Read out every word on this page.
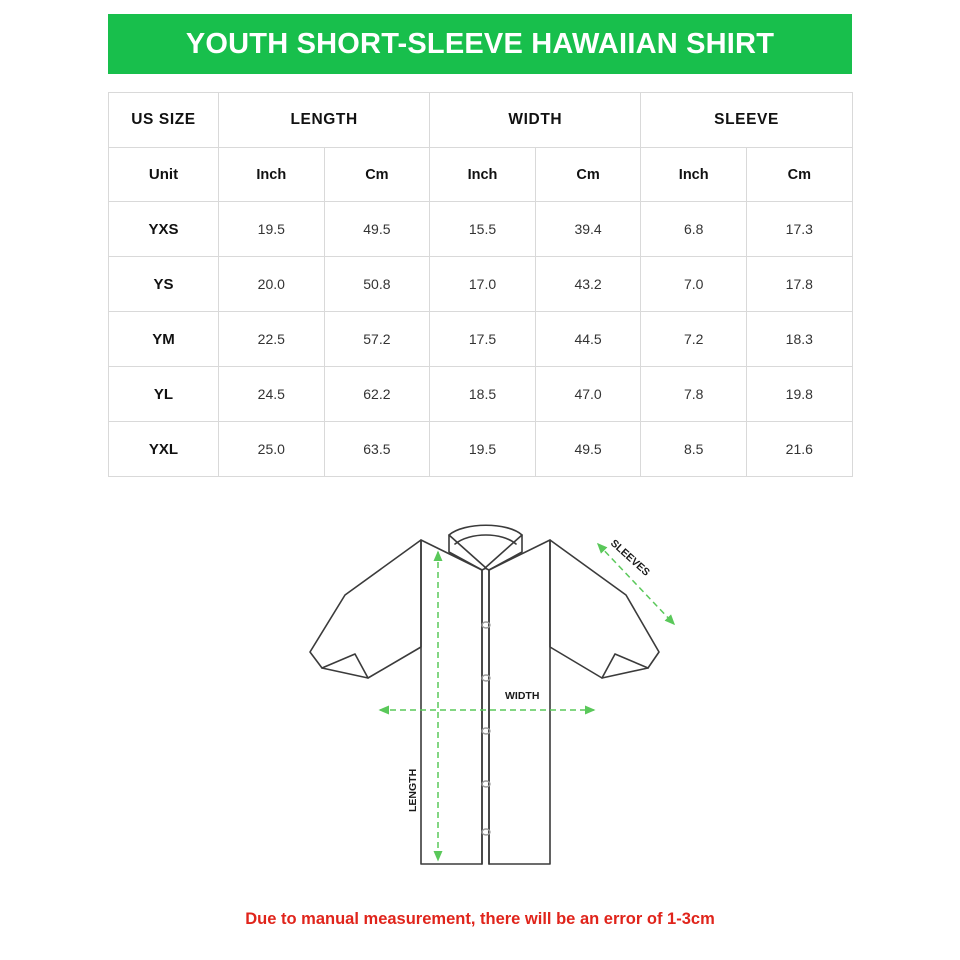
YOUTH SHORT-SLEEVE HAWAIIAN SHIRT
US SIZE	LENGTH		WIDTH		SLEEVE	
Unit	Inch	Cm	Inch	Cm	Inch	Cm
YXS	19.5	49.5	15.5	39.4	6.8	17.3
YS	20.0	50.8	17.0	43.2	7.0	17.8
YM	22.5	57.2	17.5	44.5	7.2	18.3
YL	24.5	62.2	18.5	47.0	7.8	19.8
YXL	25.0	63.5	19.5	49.5	8.5	21.6
WIDTH
LENGTH
SLEEVES
Due to manual measurement, there will be an error of 1-3cm
